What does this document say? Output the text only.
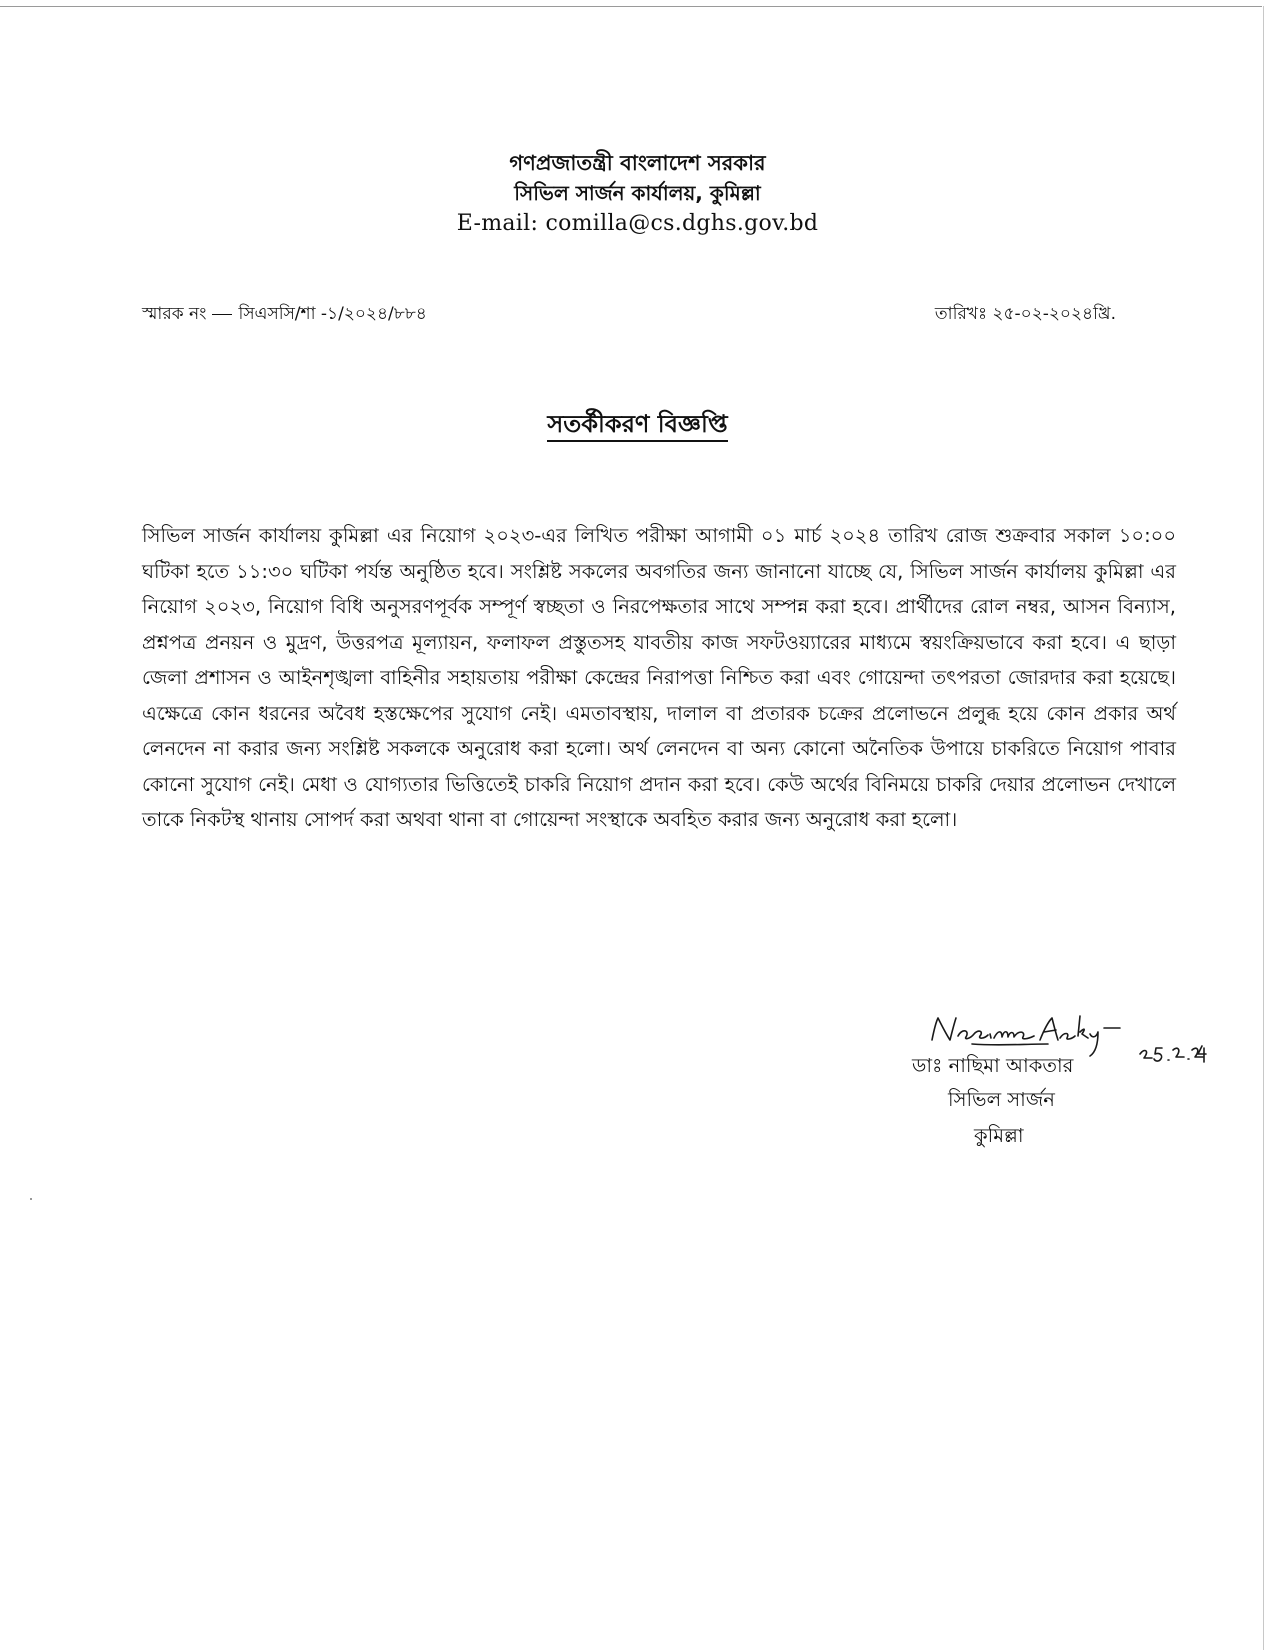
গণপ্রজাতন্ত্রী বাংলাদেশ সরকার
সিভিল সার্জন কার্যালয়, কুমিল্লা
E-mail: comilla@cs.dghs.gov.bd
স্মারক নং সিএসসি/শা -১/২০২৪/৮৮৪	তারিখঃ ২৫-০২-২০২৪খ্রি.
সতর্কীকরণ বিজ্ঞপ্তি

সিভিল সার্জন কার্যালয় কুমিল্লা এর নিয়োগ ২০২৩-এর লিখিত পরীক্ষা আগামী ০১ মার্চ ২০২৪ তারিখ রোজ শুক্রবার সকাল ১০:০০ ঘটিকা হতে ১১:৩০ ঘটিকা পর্যন্ত অনুষ্ঠিত হবে। সংশ্লিষ্ট সকলের অবগতির জন্য জানানো যাচ্ছে যে, সিভিল সার্জন কার্যালয় কুমিল্লা এর নিয়োগ ২০২৩, নিয়োগ বিধি অনুসরণপূর্বক সম্পূর্ণ স্বচ্ছতা ও নিরপেক্ষতার সাথে সম্পন্ন করা হবে। প্রার্থীদের রোল নম্বর, আসন বিন্যাস, প্রশ্নপত্র প্রনয়ন ও মুদ্রণ, উত্তরপত্র মূল্যায়ন, ফলাফল প্রস্তুতসহ যাবতীয় কাজ সফটওয়্যারের মাধ্যমে স্বয়ংক্রিয়ভাবে করা হবে। এ ছাড়া জেলা প্রশাসন ও আইনশৃঙ্খলা বাহিনীর সহায়তায় পরীক্ষা কেন্দ্রের নিরাপত্তা নিশ্চিত করা এবং গোয়েন্দা তৎপরতা জোরদার করা হয়েছে। এক্ষেত্রে কোন ধরনের অবৈধ হস্তক্ষেপের সুযোগ নেই। এমতাবস্থায়, দালাল বা প্রতারক চক্রের প্রলোভনে প্রলুব্ধ হয়ে কোন প্রকার অর্থ লেনদেন না করার জন্য সংশ্লিষ্ট সকলকে অনুরোধ করা হলো। অর্থ লেনদেন বা অন্য কোনো অনৈতিক উপায়ে চাকরিতে নিয়োগ পাবার কোনো সুযোগ নেই। মেধা ও যোগ্যতার ভিত্তিতেই চাকরি নিয়োগ প্রদান করা হবে। কেউ অর্থের বিনিময়ে চাকরি দেয়ার প্রলোভন দেখালে তাকে নিকটস্থ থানায় সোপর্দ করা অথবা থানা বা গোয়েন্দা সংস্থাকে অবহিত করার জন্য অনুরোধ করা হলো।

ডাঃ নাছিমা আকতার
সিভিল সার্জন
কুমিল্লা
